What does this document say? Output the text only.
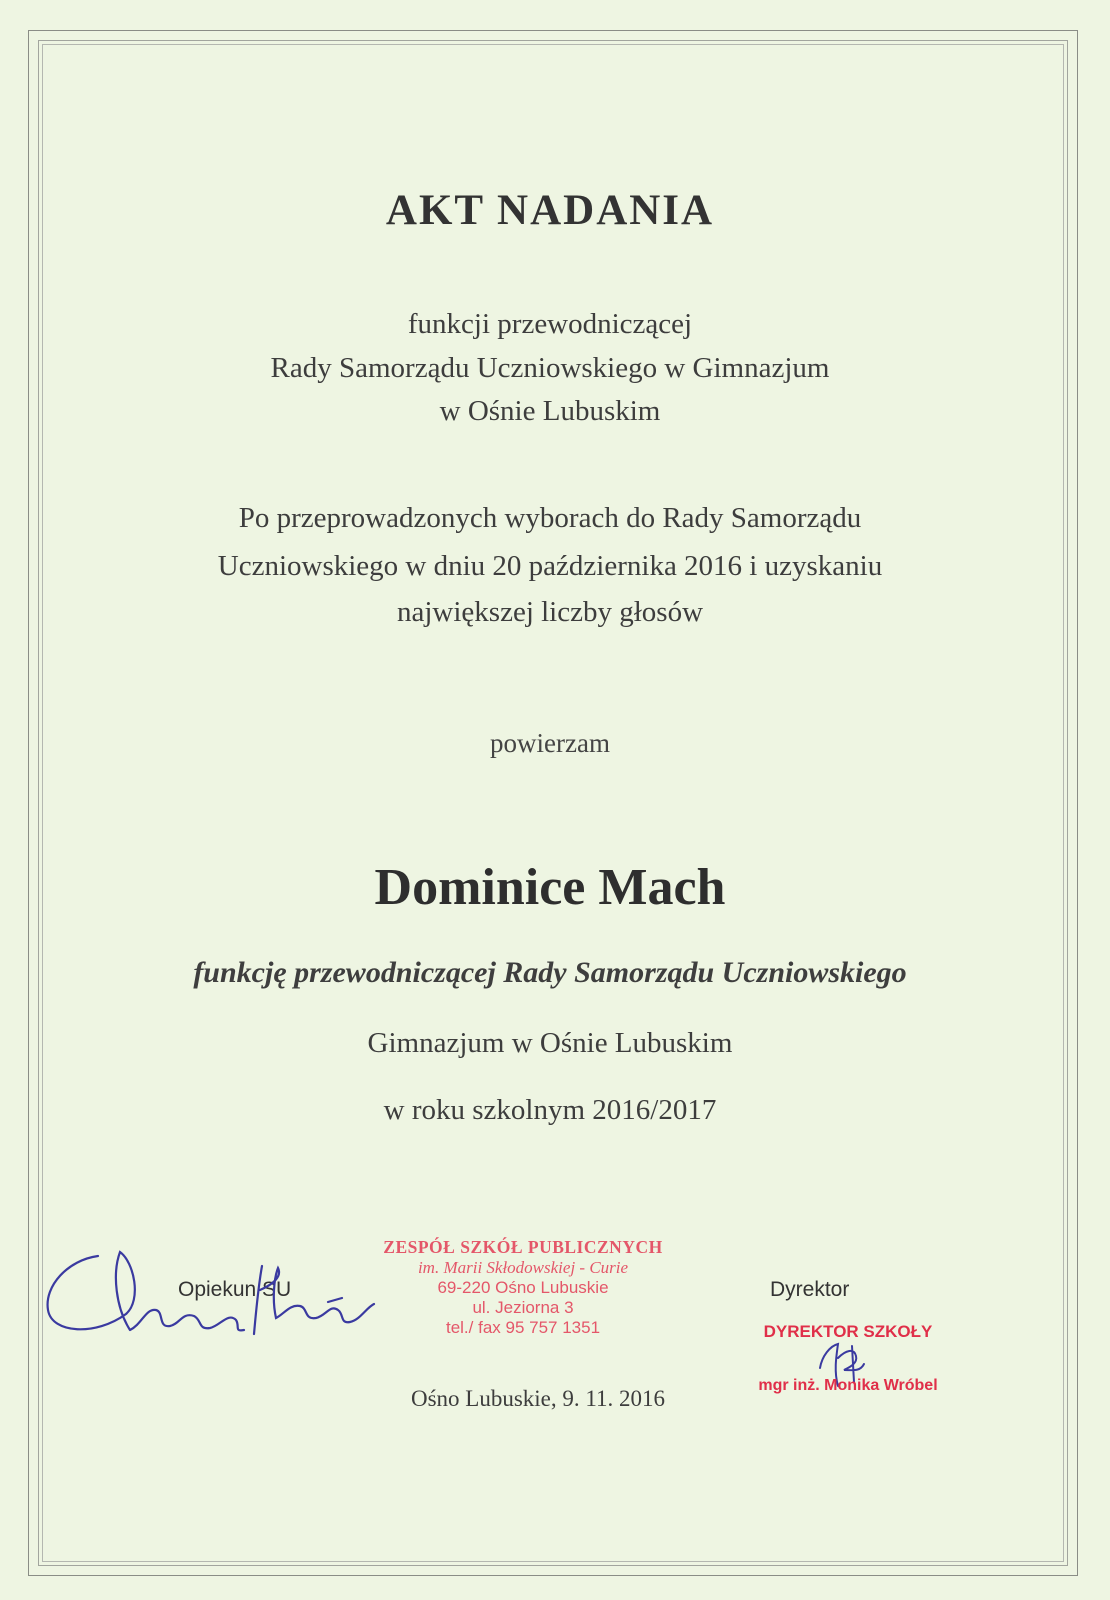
AKT NADANIA
funkcji przewodniczącej
Rady Samorządu Uczniowskiego w Gimnazjum
w Ośnie Lubuskim
Po przeprowadzonych wyborach do Rady Samorządu
Uczniowskiego w dniu 20 października 2016 i uzyskaniu
największej liczby głosów
powierzam
Dominice Mach
funkcję przewodniczącej Rady Samorządu Uczniowskiego
Gimnazjum w Ośnie Lubuskim
w roku szkolnym 2016/2017
Opiekun SU
ZESPÓŁ SZKÓŁ PUBLICZNYCH
im. Marii Skłodowskiej - Curie
69-220 Ośno Lubuskie
ul. Jeziorna 3
tel./ fax 95 757 1351
Ośno Lubuskie, 9. 11. 2016
Dyrektor
DYREKTOR SZKOŁY
mgr inż. Monika Wróbel
